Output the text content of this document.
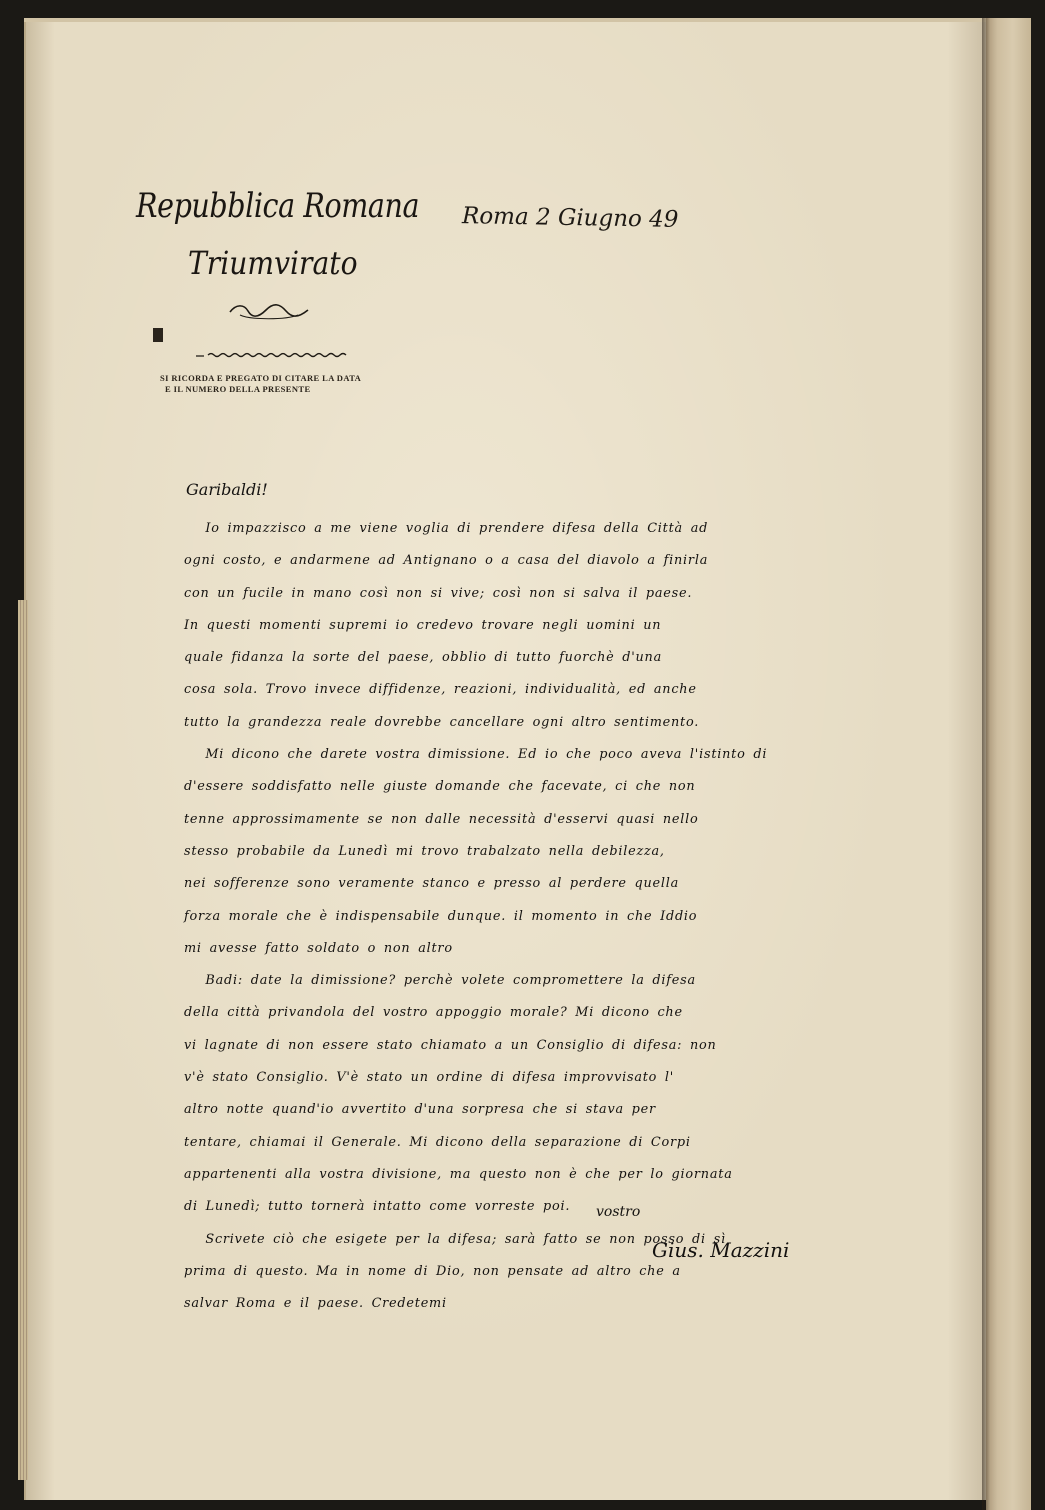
Repubblica Romana
Triumvirato
SI RICORDA E PREGATO DI CITARE LA DATA
E IL NUMERO DELLA PRESENTE
Roma 2 Giugno 49
Garibaldi!
Io impazzisco a me viene voglia di prendere difesa della Città ad
ogni costo, e andarmene ad Antignano o a casa del diavolo a finirla
con un fucile in mano così non si vive; così non si salva il paese.
In questi momenti supremi io credevo trovare negli uomini un
quale fidanza la sorte del paese, obblio di tutto fuorchè d'una
cosa sola. Trovo invece diffidenze, reazioni, individualità, ed anche
tutto la grandezza reale dovrebbe cancellare ogni altro sentimento.
Mi dicono che darete vostra dimissione. Ed io che poco aveva l'istinto di
d'essere soddisfatto nelle giuste domande che facevate, ci che non
tenne approssimamente se non dalle necessità d'esservi quasi nello
stesso probabile da Lunedì mi trovo trabalzato nella debilezza,
nei sofferenze sono veramente stanco e presso al perdere quella
forza morale che è indispensabile dunque. il momento in che Iddio
mi avesse fatto soldato o non altro
Badi: date la dimissione? perchè volete compromettere la difesa
della città privandola del vostro appoggio morale? Mi dicono che
vi lagnate di non essere stato chiamato a un Consiglio di difesa: non
v'è stato Consiglio. V'è stato un ordine di difesa improvvisato l'
altro notte quand'io avvertito d'una sorpresa che si stava per
tentare, chiamai il Generale. Mi dicono della separazione di Corpi
appartenenti alla vostra divisione, ma questo non è che per lo giornata
di Lunedì; tutto tornerà intatto come vorreste poi.
Scrivete ciò che esigete per la difesa; sarà fatto se non posso di sì
prima di questo. Ma in nome di Dio, non pensate ad altro che a
salvar Roma e il paese. Credetemi
vostro
Gius. Mazzini
